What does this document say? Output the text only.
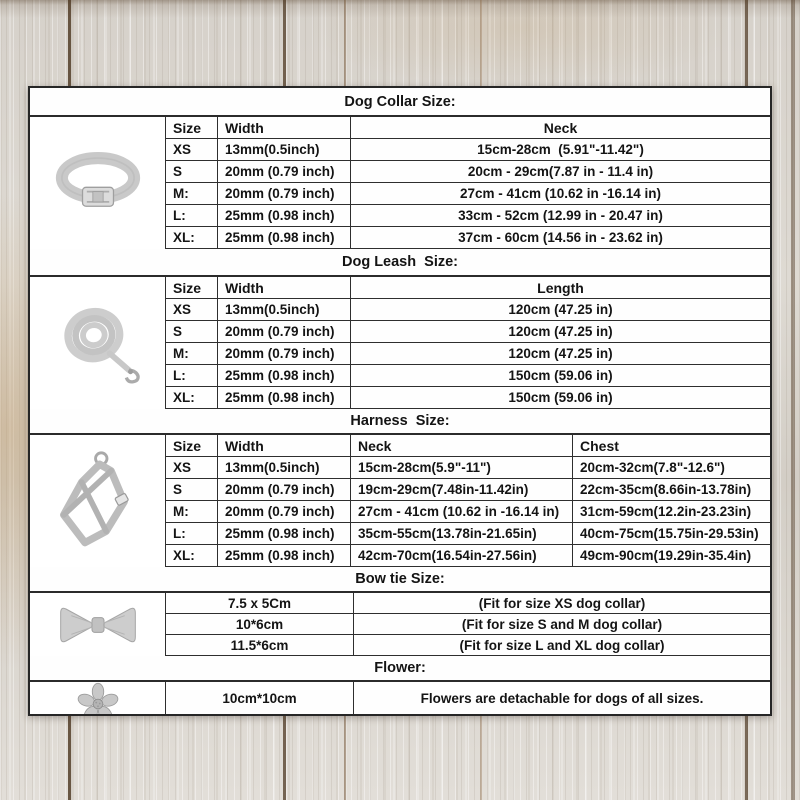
Dog Collar Size:
Size	Width	Neck
XS	13mm(0.5inch)	15cm-28cm  (5.91"-11.42")
S	20mm (0.79 inch)	20cm - 29cm(7.87 in - 11.4 in)
M:	20mm (0.79 inch)	27cm - 41cm (10.62 in -16.14 in)
L:	25mm (0.98 inch)	33cm - 52cm (12.99 in - 20.47 in)
XL:	25mm (0.98 inch)	37cm - 60cm (14.56 in - 23.62 in)
Dog Leash  Size:
Size	Width	Length
XS	13mm(0.5inch)	120cm (47.25 in)
S	20mm (0.79 inch)	120cm (47.25 in)
M:	20mm (0.79 inch)	120cm (47.25 in)
L:	25mm (0.98 inch)	150cm (59.06 in)
XL:	25mm (0.98 inch)	150cm (59.06 in)
Harness  Size:
Size	Width	Neck	Chest
XS	13mm(0.5inch)	15cm-28cm(5.9"-11")	20cm-32cm(7.8"-12.6")
S	20mm (0.79 inch)	19cm-29cm(7.48in-11.42in)	22cm-35cm(8.66in-13.78in)
M:	20mm (0.79 inch)	27cm - 41cm (10.62 in -16.14 in)	31cm-59cm(12.2in-23.23in)
L:	25mm (0.98 inch)	35cm-55cm(13.78in-21.65in)	40cm-75cm(15.75in-29.53in)
XL:	25mm (0.98 inch)	42cm-70cm(16.54in-27.56in)	49cm-90cm(19.29in-35.4in)
Bow tie Size:
7.5 x 5Cm	(Fit for size XS dog collar)
10*6cm	(Fit for size S and M dog collar)
11.5*6cm	(Fit for size L and XL dog collar)
Flower:
10cm*10cm	Flowers are detachable for dogs of all sizes.
